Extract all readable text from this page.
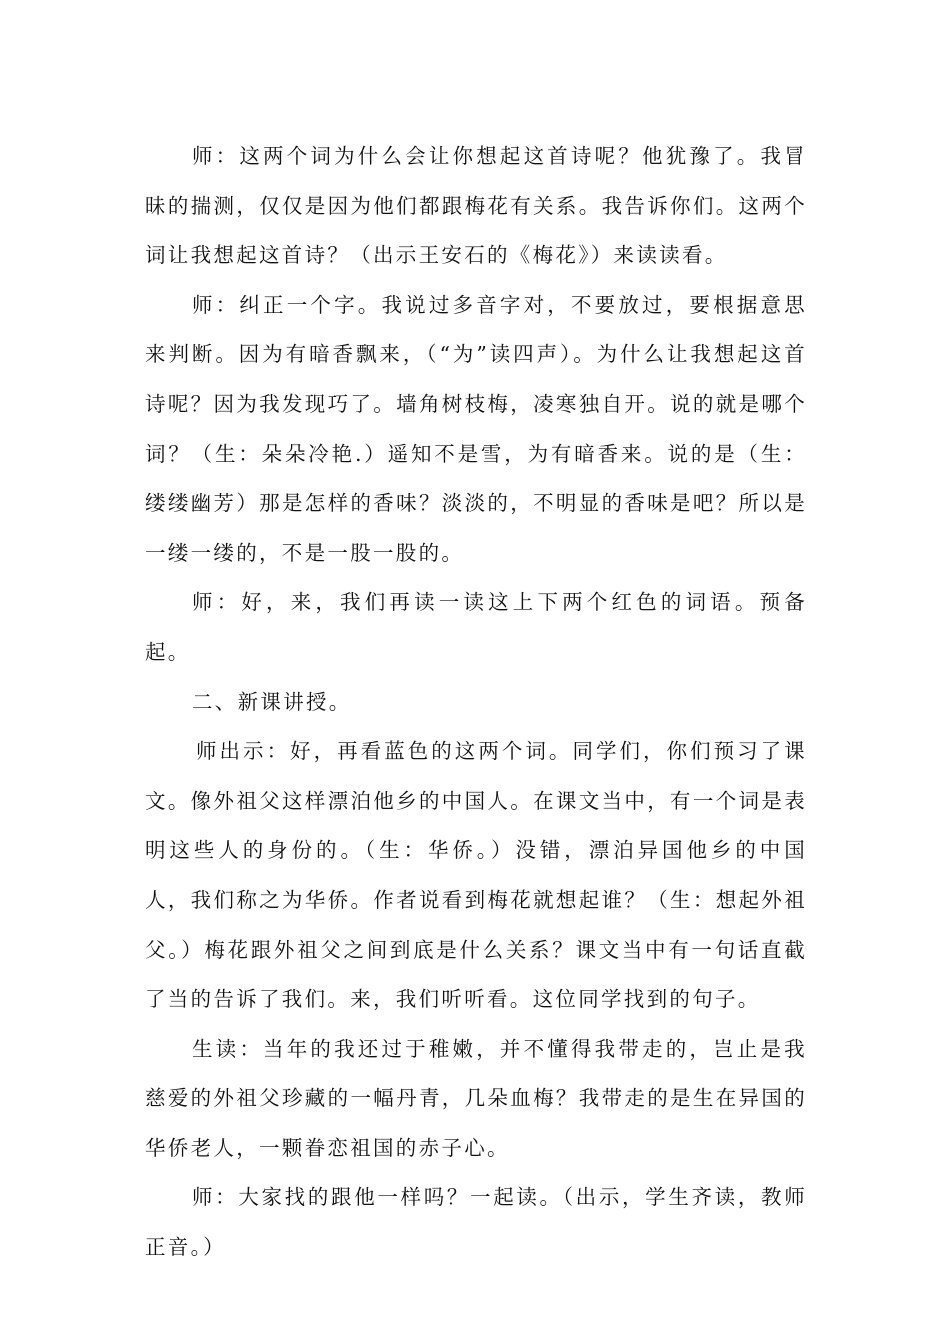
师：这两个词为什么会让你想起这首诗呢？他犹豫了。我冒昧的揣测，仅仅是因为他们都跟梅花有关系。我告诉你们。这两个词让我想起这首诗？（出示王安石的《梅花》）来读读看。

师：纠正一个字。我说过多音字对，不要放过，要根据意思来判断。因为有暗香飘来，（“为”读四声）。为什么让我想起这首诗呢？因为我发现巧了。墙角树枝梅，凌寒独自开。说的就是哪个词？（生：朵朵冷艳.）遥知不是雪，为有暗香来。说的是（生：缕缕幽芳）那是怎样的香味？淡淡的，不明显的香味是吧？所以是一缕一缕的，不是一股一股的。

师：好，来，我们再读一读这上下两个红色的词语。预备起。

二、新课讲授。

师出示：好，再看蓝色的这两个词。同学们，你们预习了课文。像外祖父这样漂泊他乡的中国人。在课文当中，有一个词是表明这些人的身份的。（生：华侨。）没错，漂泊异国他乡的中国人，我们称之为华侨。作者说看到梅花就想起谁？（生：想起外祖父。）梅花跟外祖父之间到底是什么关系？课文当中有一句话直截了当的告诉了我们。来，我们听听看。这位同学找到的句子。

生读：当年的我还过于稚嫩，并不懂得我带走的，岂止是我慈爱的外祖父珍藏的一幅丹青，几朵血梅？我带走的是生在异国的华侨老人，一颗眷恋祖国的赤子心。

师：大家找的跟他一样吗？一起读。（出示，学生齐读，教师正音。）
